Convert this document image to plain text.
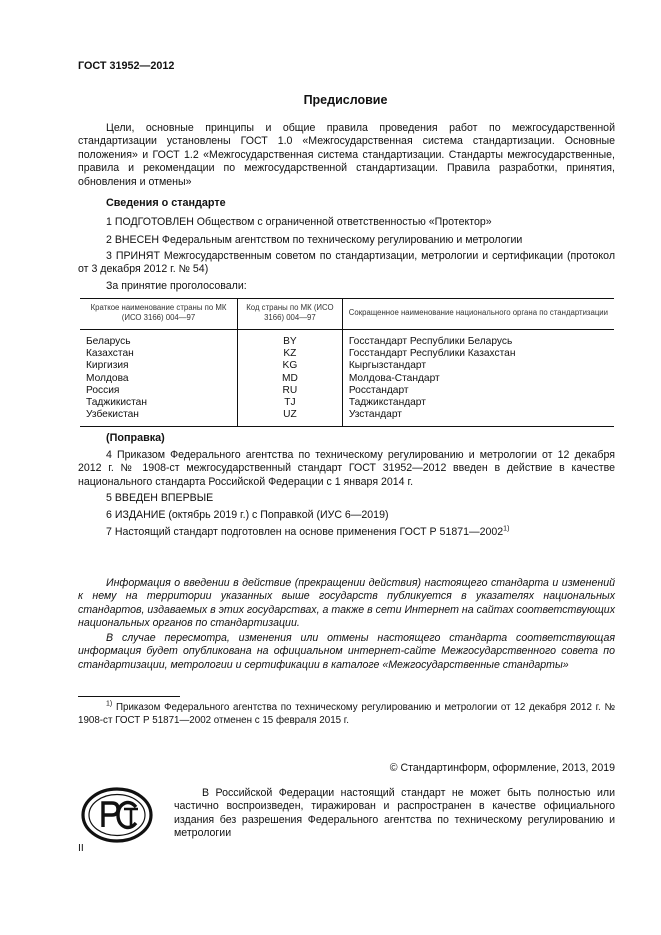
ГОСТ 31952—2012
Предисловие
Цели, основные принципы и общие правила проведения работ по межгосударственной стандартизации установлены ГОСТ 1.0 «Межгосударственная система стандартизации. Основные положения» и ГОСТ 1.2 «Межгосударственная система стандартизации. Стандарты межгосударственные, правила и рекомендации по межгосударственной стандартизации. Правила разработки, принятия, обновления и отмены»
Сведения о стандарте
1 ПОДГОТОВЛЕН Обществом с ограниченной ответственностью «Протектор»
2 ВНЕСЕН Федеральным агентством по техническому регулированию и метрологии
3 ПРИНЯТ Межгосударственным советом по стандартизации, метрологии и сертификации (протокол от 3 декабря 2012 г. № 54)
За принятие проголосовали:
Краткое наименование страны по МК (ИСО 3166) 004—97	Код страны по МК (ИСО 3166) 004—97	Сокращенное наименование национального органа по стандартизации
Беларусь	BY	Госстандарт Республики Беларусь
Казахстан	KZ	Госстандарт Республики Казахстан
Киргизия	KG	Кыргызстандарт
Молдова	MD	Молдова-Стандарт
Россия	RU	Росстандарт
Таджикистан	TJ	Таджикстандарт
Узбекистан	UZ	Узстандарт
(Поправка)
4 Приказом Федерального агентства по техническому регулированию и метрологии от 12 декабря 2012 г. № 1908-ст межгосударственный стандарт ГОСТ 31952—2012 введен в действие в качестве национального стандарта Российской Федерации с 1 января 2014 г.
5 ВВЕДЕН ВПЕРВЫЕ
6 ИЗДАНИЕ (октябрь 2019 г.) с Поправкой (ИУС 6—2019)
7 Настоящий стандарт подготовлен на основе применения ГОСТ Р 51871—2002$^{1)}$
Информация о введении в действие (прекращении действия) настоящего стандарта и изменений к нему на территории указанных выше государств публикуется в указателях национальных стандартов, издаваемых в этих государствах, а также в сети Интернет на сайтах соответствующих национальных органов по стандартизации.
В случае пересмотра, изменения или отмены настоящего стандарта соответствующая информация будет опубликована на официальном интернет-сайте Межгосударственного совета по стандартизации, метрологии и сертификации в каталоге «Межгосударственные стандарты»
$^{1)}$ Приказом Федерального агентства по техническому регулированию и метрологии от 12 декабря 2012 г. № 1908-ст ГОСТ Р 51871—2002 отменен с 15 февраля 2015 г.
© Стандартинформ, оформление, 2013, 2019
В Российской Федерации настоящий стандарт не может быть полностью или частично воспроизведен, тиражирован и распространен в качестве официального издания без разрешения Федерального агентства по техническому регулированию и метрологии
II
